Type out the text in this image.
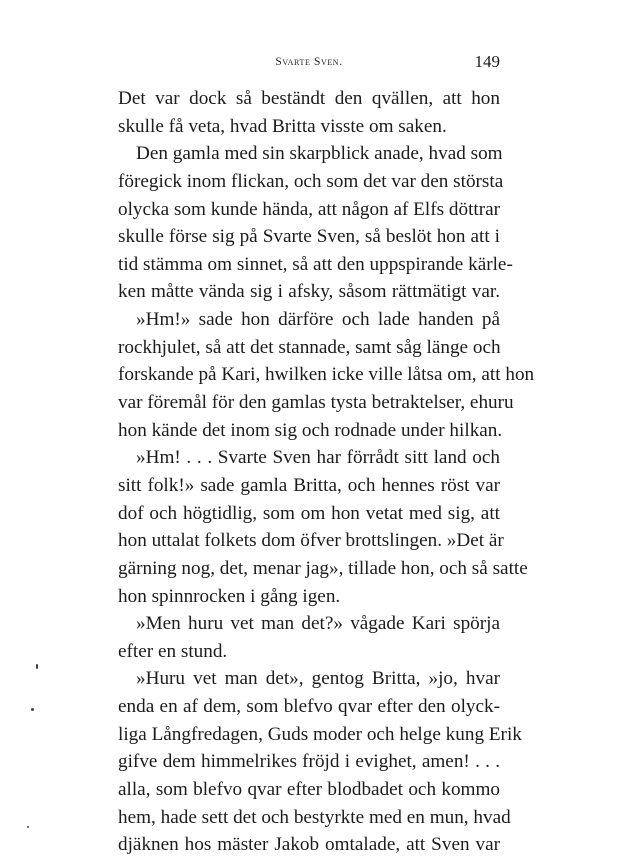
Svarte Sven.	149
Det var dock så beständt den qvällen, att hon
skulle få veta, hvad Britta visste om saken.
Den gamla med sin skarpblick anade, hvad som
föregick inom flickan, och som det var den största
olycka som kunde hända, att någon af Elfs döttrar
skulle förse sig på Svarte Sven, så beslöt hon att i
tid stämma om sinnet, så att den uppspirande kärle-
ken måtte vända sig i afsky, såsom rättmätigt var.
»Hm!» sade hon därföre och lade handen på
rockhjulet, så att det stannade, samt såg länge och
forskande på Kari, hwilken icke ville låtsa om, att hon
var föremål för den gamlas tysta betraktelser, ehuru
hon kände det inom sig och rodnade under hilkan.
»Hm! . . . Svarte Sven har förrådt sitt land och
sitt folk!» sade gamla Britta, och hennes röst var
dof och högtidlig, som om hon vetat med sig, att
hon uttalat folkets dom öfver brottslingen. »Det är
gärning nog, det, menar jag», tillade hon, och så satte
hon spinnrocken i gång igen.
»Men huru vet man det?» vågade Kari spörja
efter en stund.
»Huru vet man det», gentog Britta, »jo, hvar
enda en af dem, som blefvo qvar efter den olyck-
liga Långfredagen, Guds moder och helge kung Erik
gifve dem himmelrikes fröjd i evighet, amen! . . .
alla, som blefvo qvar efter blodbadet och kommo
hem, hade sett det och bestyrkte med en mun, hvad
djäknen hos mäster Jakob omtalade, att Sven var
